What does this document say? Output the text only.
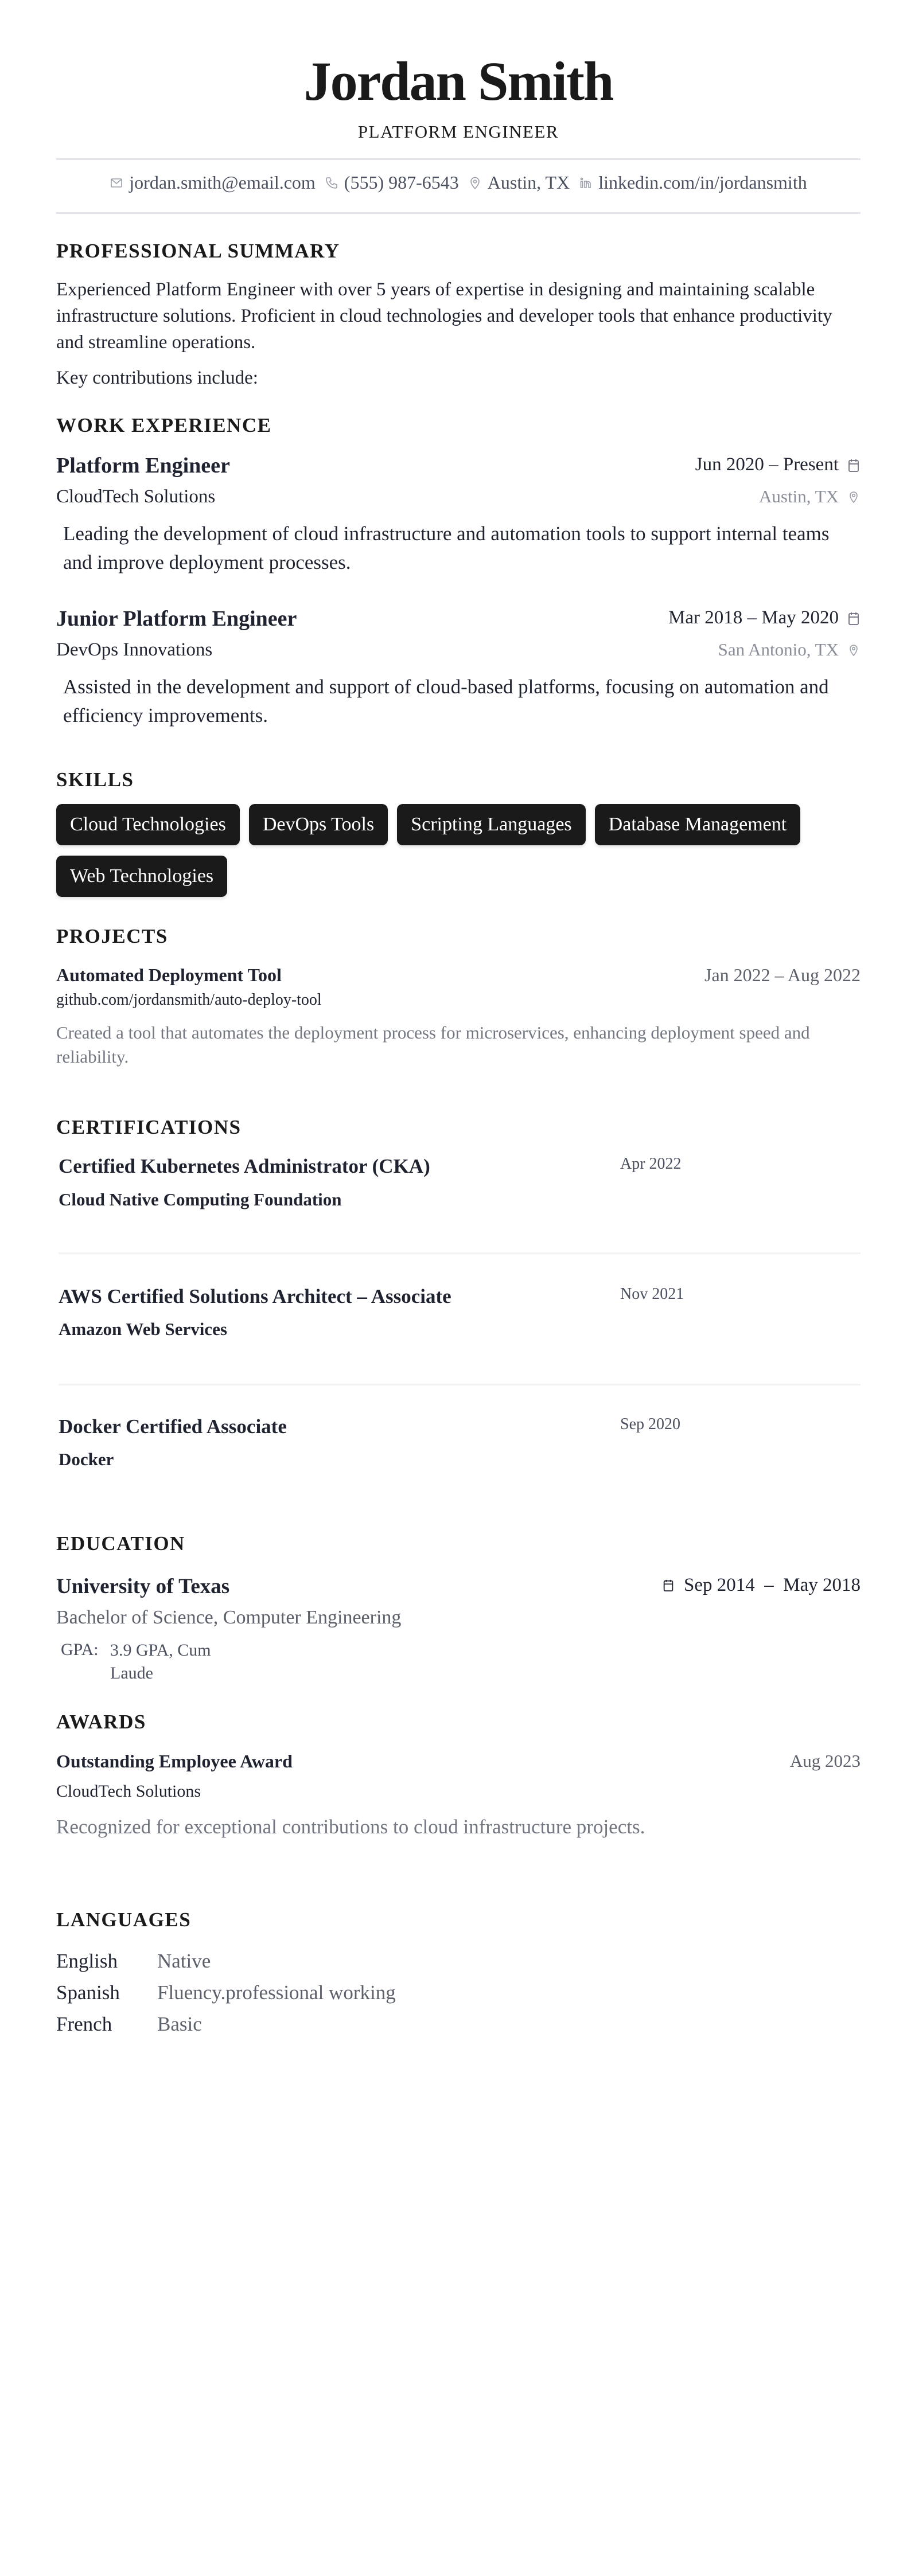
Jordan Smith
PLATFORM ENGINEER
jordan.smith@email.com (555) 987-6543 Austin, TX linkedin.com/in/jordansmith
PROFESSIONAL SUMMARY
Experienced Platform Engineer with over 5 years of expertise in designing and maintaining scalable infrastructure solutions. Proficient in cloud technologies and developer tools that enhance productivity and streamline operations.
Key contributions include:
WORK EXPERIENCE
Platform Engineer	Jun 2020 – Present
CloudTech Solutions	Austin, TX
Leading the development of cloud infrastructure and automation tools to support internal teams and improve deployment processes.
Junior Platform Engineer	Mar 2018 – May 2020
DevOps Innovations	San Antonio, TX
Assisted in the development and support of cloud-based platforms, focusing on automation and efficiency improvements.
SKILLS
Cloud Technologies	DevOps Tools	Scripting Languages	Database Management
Web Technologies
PROJECTS
Automated Deployment Tool	Jan 2022 – Aug 2022
github.com/jordansmith/auto-deploy-tool
Created a tool that automates the deployment process for microservices, enhancing deployment speed and reliability.
CERTIFICATIONS
Certified Kubernetes Administrator (CKA)	Apr 2022
Cloud Native Computing Foundation
AWS Certified Solutions Architect – Associate	Nov 2021
Amazon Web Services
Docker Certified Associate	Sep 2020
Docker
EDUCATION
University of Texas	Sep 2014  –  May 2018
Bachelor of Science, Computer Engineering
GPA: 3.9 GPA, Cum Laude
AWARDS
Outstanding Employee Award	Aug 2023
CloudTech Solutions
Recognized for exceptional contributions to cloud infrastructure projects.
LANGUAGES
English Native
Spanish Fluency.professional working
French Basic
